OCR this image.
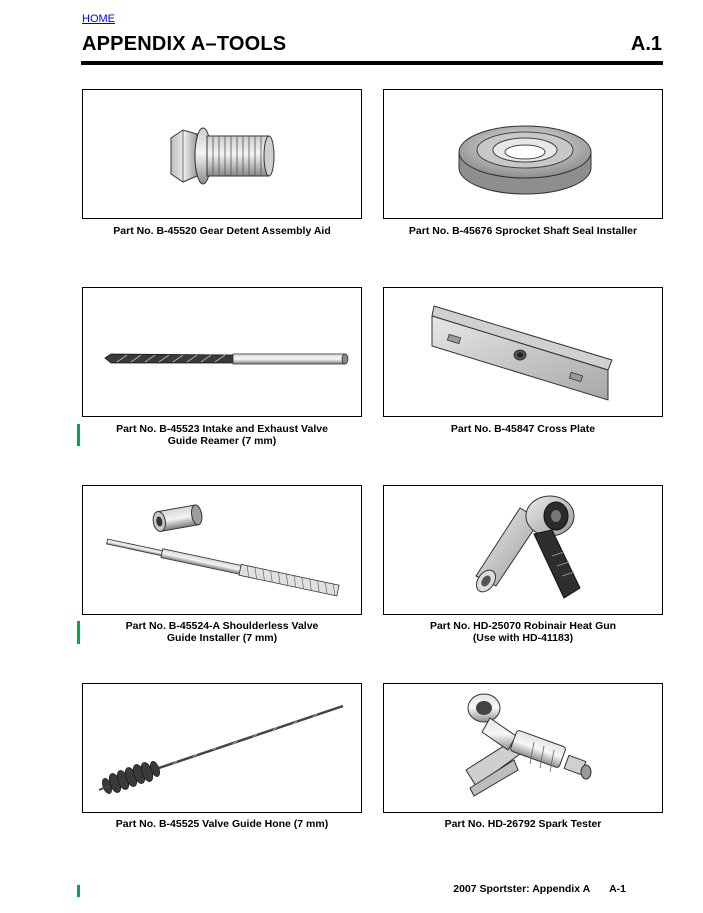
HOME
APPENDIX A–TOOLS	A.1
Part No. B-45520 Gear Detent Assembly Aid	Part No. B-45676 Sprocket Shaft Seal Installer
Part No. B-45523 Intake and Exhaust Valve
Guide Reamer (7 mm)
Part No. B-45847 Cross Plate
Part No. B-45524-A Shoulderless Valve
Guide Installer (7 mm)
Part No. HD-25070 Robinair Heat Gun
(Use with HD-41183)
Part No. B-45525 Valve Guide Hone (7 mm)	Part No. HD-26792 Spark Tester
2007 Sportster: Appendix A A-1
